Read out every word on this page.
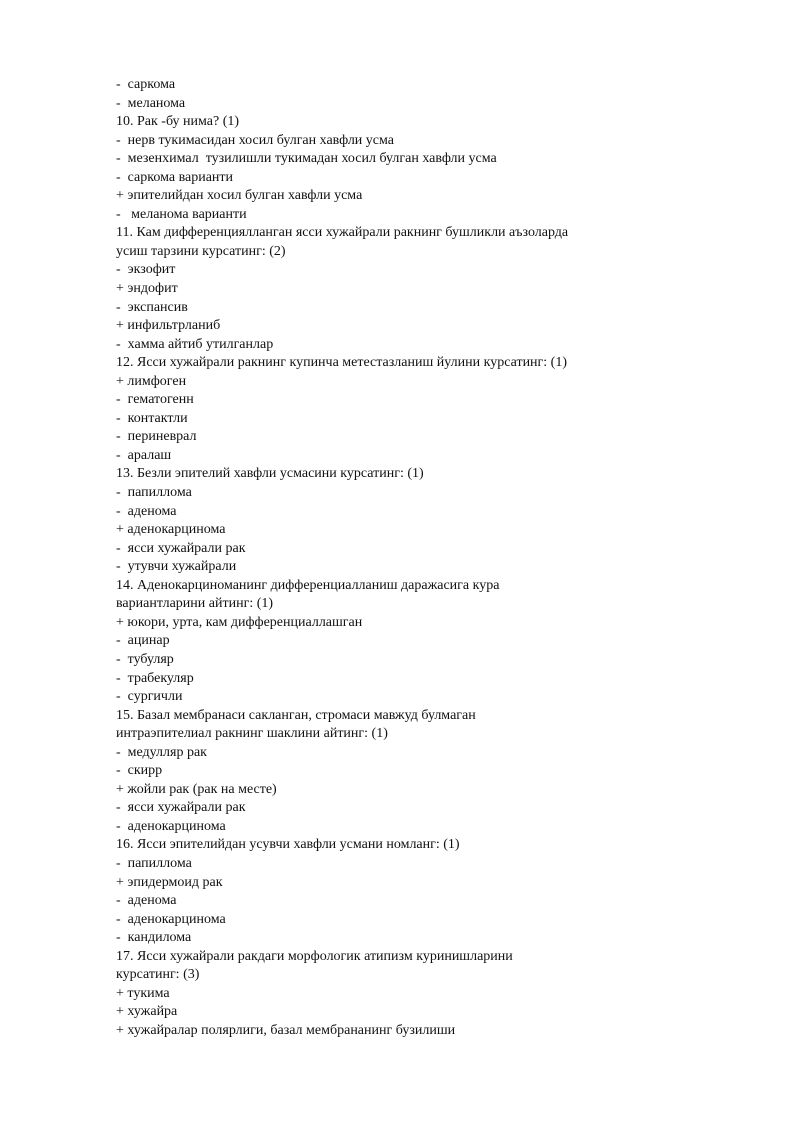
-  саркома
-  меланома
10. Рак -бу нима? (1)
-  нерв тукимасидан хосил булган хавфли усма
-  мезенхимал  тузилишли тукимадан хосил булган хавфли усма
-  саркома варианти
+ эпителийдан хосил булган хавфли усма
-   меланома варианти
11. Кам дифференциялланган ясси хужайрали ракнинг бушликли аъзоларда
усиш тарзини курсатинг: (2)
-  экзофит
+ эндофит
-  экспансив
+ инфильтрланиб
-  хамма айтиб утилганлар
12. Ясси хужайрали ракнинг купинча метестазланиш йулини курсатинг: (1)
+ лимфоген
-  гематогенн
-  контактли
-  периневрал
-  аралаш
13. Безли эпителий хавфли усмасини курсатинг: (1)
-  папиллома
-  аденома
+ аденокарцинома
-  ясси хужайрали рак
-  утувчи хужайрали
14. Аденокарциноманинг дифференциалланиш даражасига кура
вариантларини айтинг: (1)
+ юкори, урта, кам дифференциаллашган
-  ацинар
-  тубуляр
-  трабекуляр
-  сургичли
15. Базал мембранаси сакланган, стромаси мавжуд булмаган
интраэпителиал ракнинг шаклини айтинг: (1)
-  медулляр рак
-  скирр
+ жойли рак (рак на месте)
-  ясси хужайрали рак
-  аденокарцинома
16. Ясси эпителийдан усувчи хавфли усмани номланг: (1)
-  папиллома
+ эпидермоид рак
-  аденома
-  аденокарцинома
-  кандилома
17. Ясси хужайрали ракдаги морфологик атипизм куринишларини
курсатинг: (3)
+ тукима
+ хужайра
+ хужайралар полярлиги, базал мембрананинг бузилиши
